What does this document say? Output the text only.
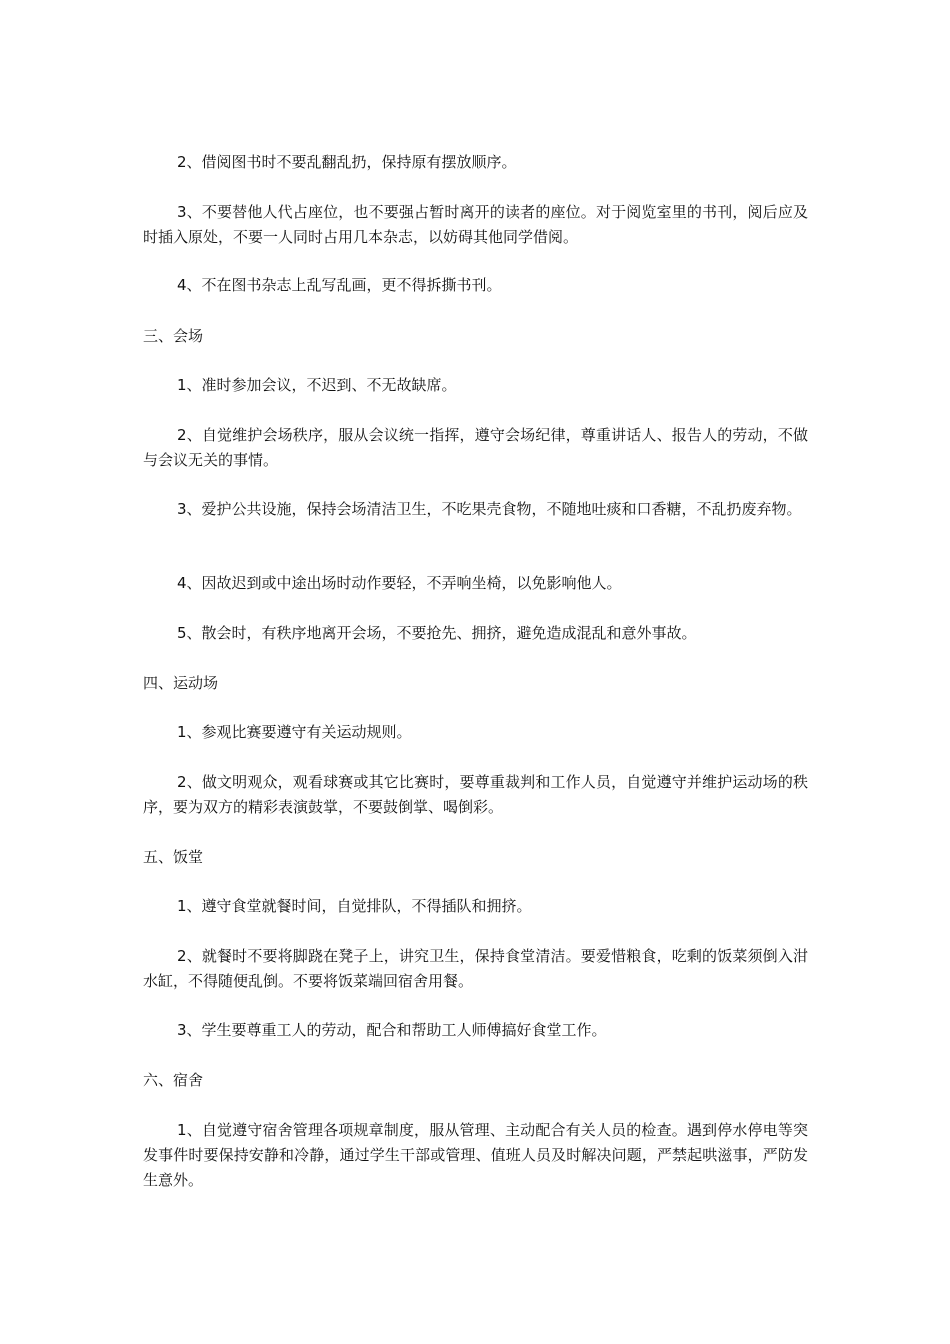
2、借阅图书时不要乱翻乱扔，保持原有摆放顺序。

3、不要替他人代占座位，也不要强占暂时离开的读者的座位。对于阅览室里的书刊，阅后应及时插入原处，不要一人同时占用几本杂志，以妨碍其他同学借阅。

4、不在图书杂志上乱写乱画，更不得拆撕书刊。

三、会场

1、准时参加会议，不迟到、不无故缺席。

2、自觉维护会场秩序，服从会议统一指挥，遵守会场纪律，尊重讲话人、报告人的劳动，不做与会议无关的事情。

3、爱护公共设施，保持会场清洁卫生，不吃果壳食物，不随地吐痰和口香糖，不乱扔废弃物。

4、因故迟到或中途出场时动作要轻，不弄响坐椅，以免影响他人。

5、散会时，有秩序地离开会场，不要抢先、拥挤，避免造成混乱和意外事故。

四、运动场

1、参观比赛要遵守有关运动规则。

2、做文明观众，观看球赛或其它比赛时，要尊重裁判和工作人员，自觉遵守并维护运动场的秩序，要为双方的精彩表演鼓掌，不要鼓倒掌、喝倒彩。

五、饭堂

1、遵守食堂就餐时间，自觉排队，不得插队和拥挤。

2、就餐时不要将脚跷在凳子上，讲究卫生，保持食堂清洁。要爱惜粮食，吃剩的饭菜须倒入泔水缸，不得随便乱倒。不要将饭菜端回宿舍用餐。

3、学生要尊重工人的劳动，配合和帮助工人师傅搞好食堂工作。

六、宿舍

1、自觉遵守宿舍管理各项规章制度，服从管理、主动配合有关人员的检查。遇到停水停电等突发事件时要保持安静和冷静，通过学生干部或管理、值班人员及时解决问题，严禁起哄滋事，严防发生意外。
